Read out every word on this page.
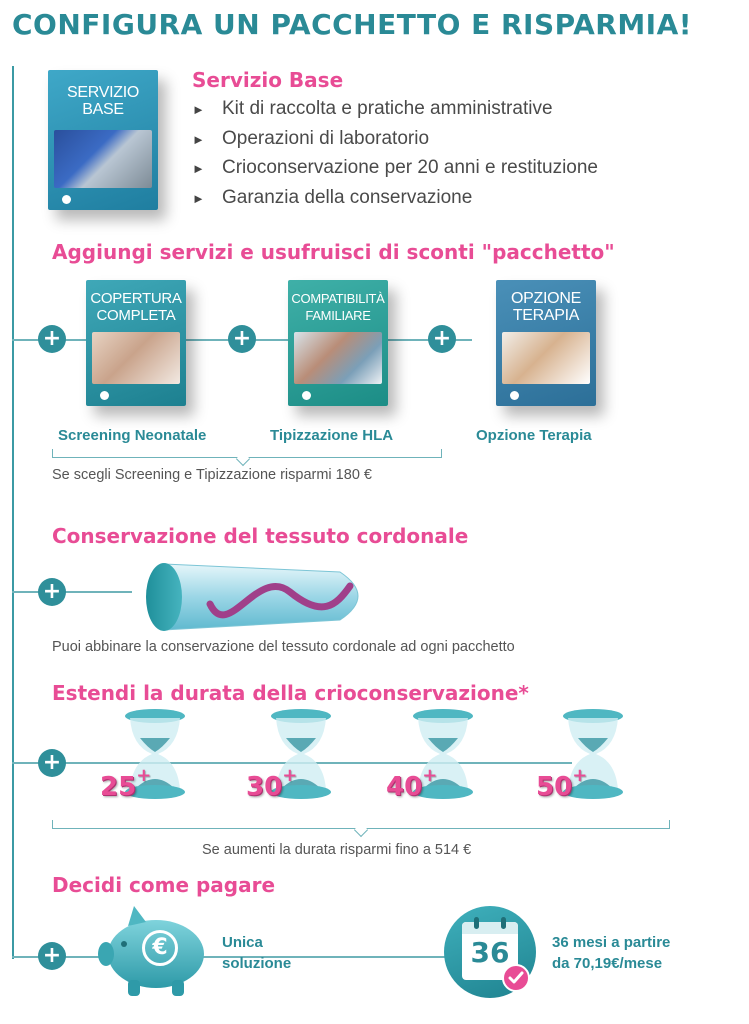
CONFIGURA UN PACCHETTO E RISPARMIA!
SERVIZIO
BASE
Servizio Base
► Kit di raccolta e pratiche amministrative
► Operazioni di laboratorio
► Crioconservazione per 20 anni e restituzione
► Garanzia della conservazione
Aggiungi servizi e usufruisci di sconti "pacchetto"
+	+	+
COPERTURA
COMPLETA
COMPATIBILITÀ
FAMILIARE
OPZIONE
TERAPIA
Screening Neonatale	Tipizzazione HLA	Opzione Terapia
Se scegli Screening e Tipizzazione risparmi 180 €
Conservazione del tessuto cordonale
+
Puoi abbinare la conservazione del tessuto cordonale ad ogni pacchetto
Estendi la durata della crioconservazione*
+
25+	30+	40+	50+
Se aumenti la durata risparmi fino a 514 €
Decidi come pagare
+	€	Unica
soluzione	36	36 mesi a partire
da 70,19€/mese
